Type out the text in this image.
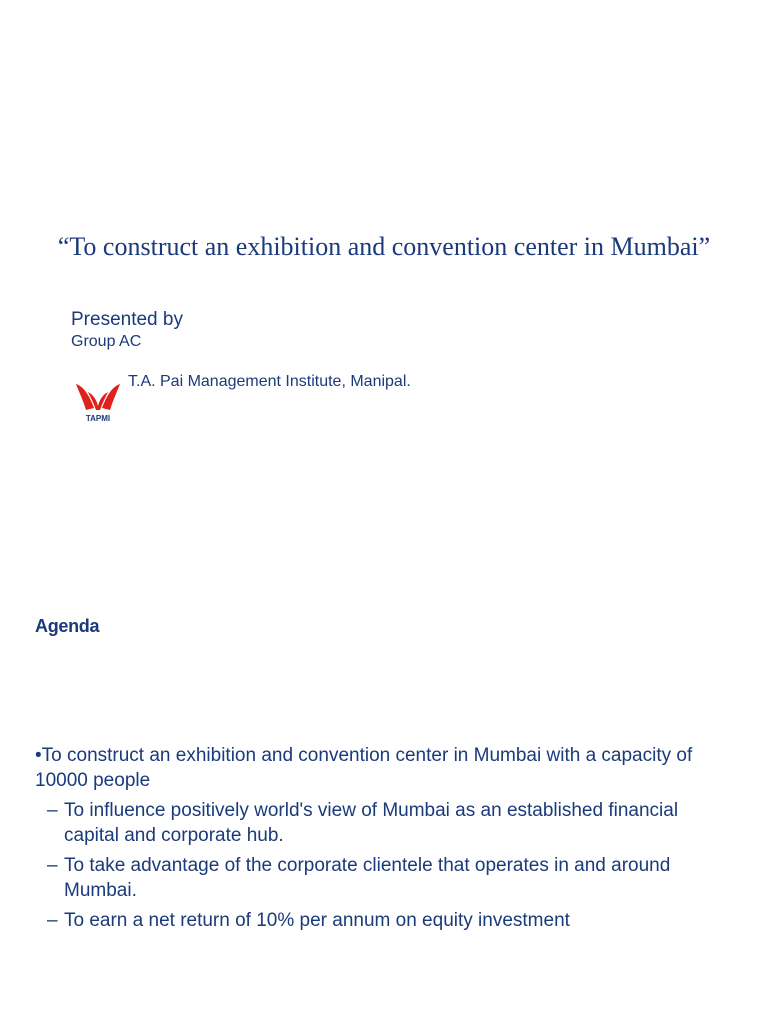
“To construct an exhibition and convention center in Mumbai”
Presented by
Group AC
TAPMI
T.A. Pai Management Institute, Manipal.
Agenda
•To construct an exhibition and convention center in Mumbai with a capacity of 10000 people
– To influence positively world's view of Mumbai as an established financial capital and corporate hub.
– To take advantage of the corporate clientele that operates in and around Mumbai.
– To earn a net return of 10% per annum on equity investment
